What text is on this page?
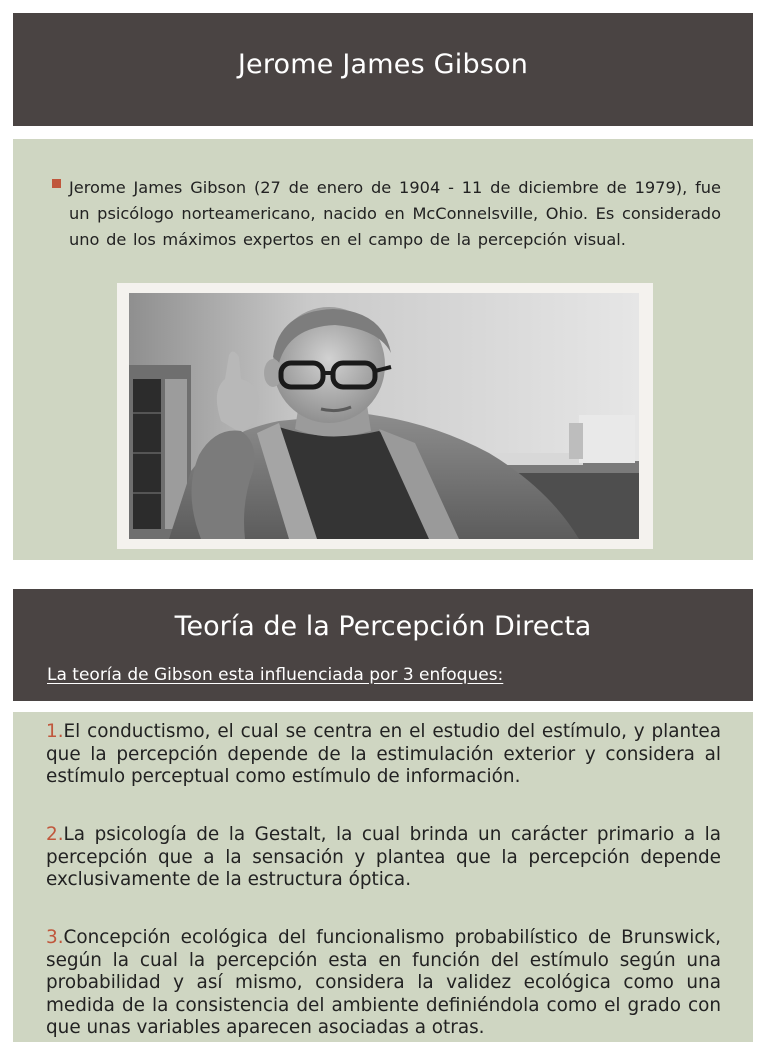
Jerome James Gibson
Jerome James Gibson (27 de enero de 1904 - 11 de diciembre de 1979), fue un psicólogo norteamericano, nacido en McConnelsville, Ohio. Es considerado uno de los máximos expertos en el campo de la percepción visual.
Teoría de la Percepción Directa
La teoría de Gibson esta influenciada por 3 enfoques:
1.El conductismo, el cual se centra en el estudio del estímulo, y plantea que la percepción depende de la estimulación exterior y considera al estímulo perceptual como estímulo de información.
2.La psicología de la Gestalt, la cual brinda un carácter primario a la percepción que a la sensación y plantea que la percepción depende exclusivamente de la estructura óptica.
3.Concepción ecológica del funcionalismo probabilístico de Brunswick, según la cual la percepción esta en función del estímulo según una probabilidad y así mismo, considera la validez ecológica como una medida de la consistencia del ambiente definiéndola como el grado con que unas variables aparecen asociadas a otras.
